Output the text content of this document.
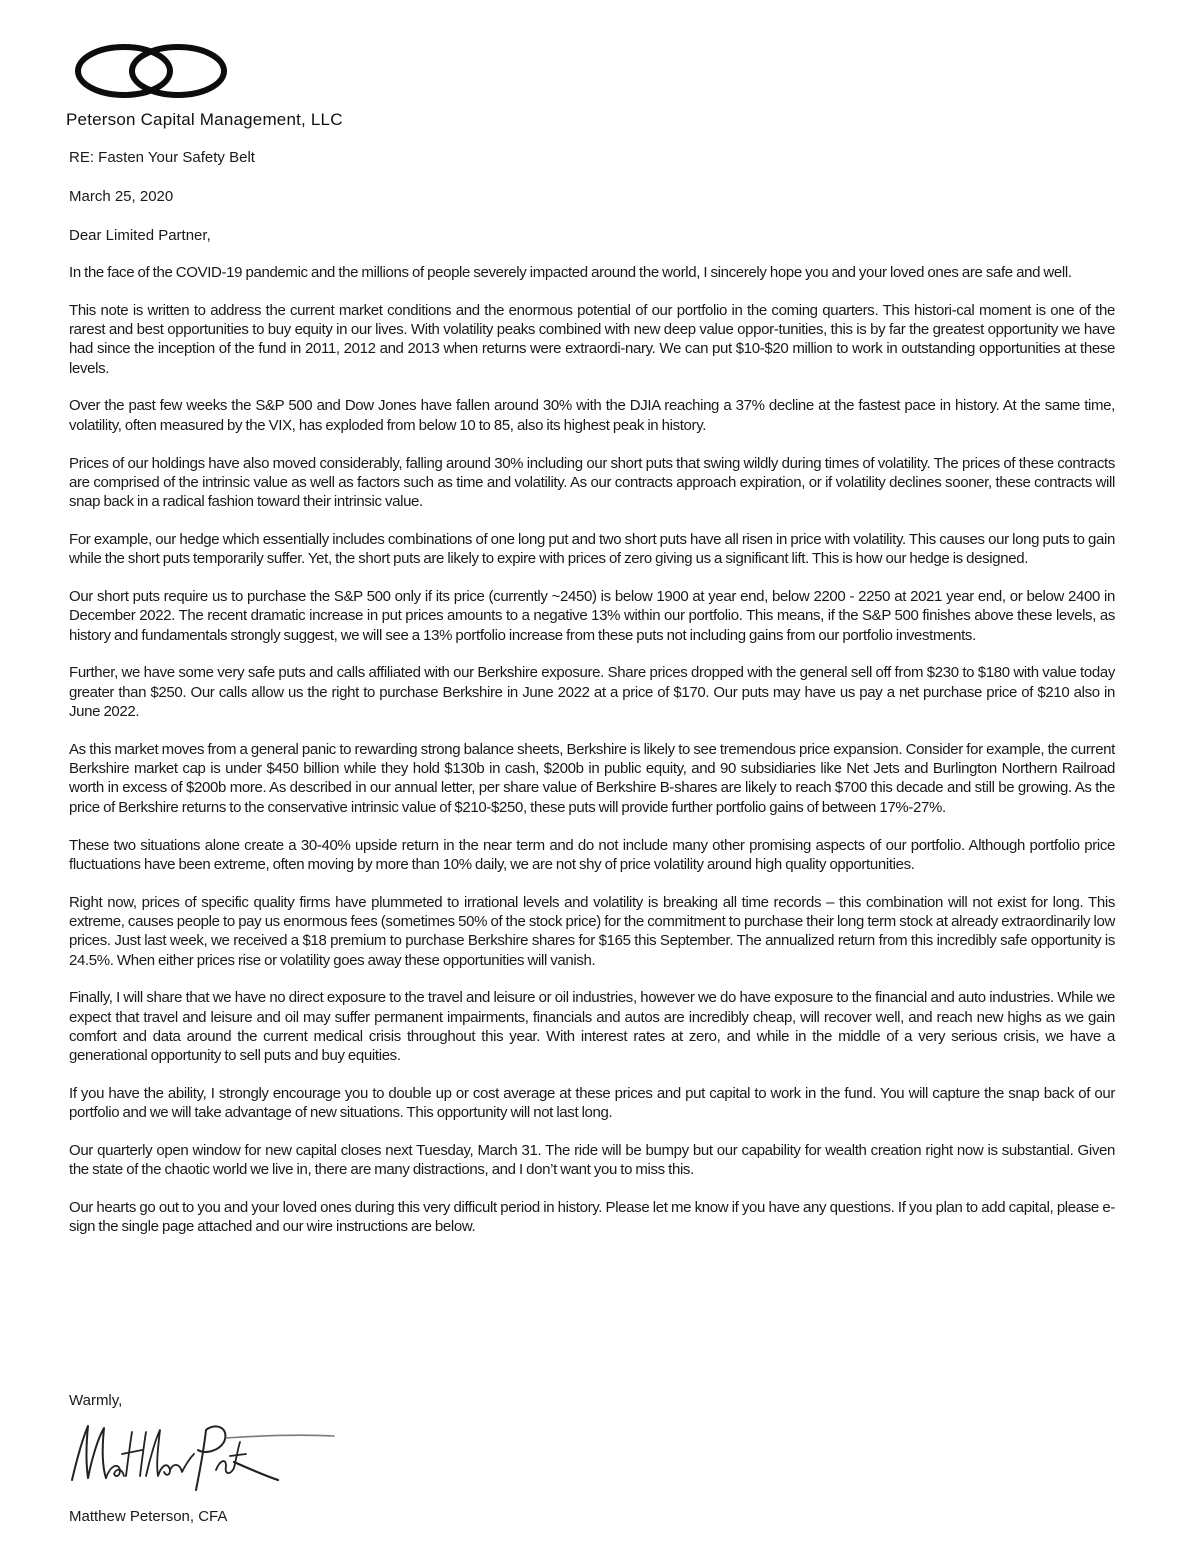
Peterson Capital Management, LLC
RE: Fasten Your Safety Belt
March 25, 2020
Dear Limited Partner,

In the face of the COVID-19 pandemic and the millions of people severely impacted around the world, I sincerely hope you and your loved ones are safe and well.

This note is written to address the current market conditions and the enormous potential of our portfolio in the coming quarters. This histori-cal moment is one of the rarest and best opportunities to buy equity in our lives. With volatility peaks combined with new deep value oppor-tunities, this is by far the greatest opportunity we have had since the inception of the fund in 2011, 2012 and 2013 when returns were extraordi-nary. We can put $10-$20 million to work in outstanding opportunities at these levels.

Over the past few weeks the S&P 500 and Dow Jones have fallen around 30% with the DJIA reaching a 37% decline at the fastest pace in history. At the same time, volatility, often measured by the VIX, has exploded from below 10 to 85, also its highest peak in history.

Prices of our holdings have also moved considerably, falling around 30% including our short puts that swing wildly during times of volatility. The prices of these contracts are comprised of the intrinsic value as well as factors such as time and volatility. As our contracts approach expiration, or if volatility declines sooner, these contracts will snap back in a radical fashion toward their intrinsic value.

For example, our hedge which essentially includes combinations of one long put and two short puts have all risen in price with volatility. This causes our long puts to gain while the short puts temporarily suffer. Yet, the short puts are likely to expire with prices of zero giving us a significant lift. This is how our hedge is designed.

Our short puts require us to purchase the S&P 500 only if its price (currently ~2450) is below 1900 at year end, below 2200 - 2250 at 2021 year end, or below 2400 in December 2022. The recent dramatic increase in put prices amounts to a negative 13% within our portfolio. This means, if the S&P 500 finishes above these levels, as history and fundamentals strongly suggest, we will see a 13% portfolio increase from these puts not including gains from our portfolio investments.

Further, we have some very safe puts and calls affiliated with our Berkshire exposure. Share prices dropped with the general sell off from $230 to $180 with value today greater than $250. Our calls allow us the right to purchase Berkshire in June 2022 at a price of $170. Our puts may have us pay a net purchase price of $210 also in June 2022.

As this market moves from a general panic to rewarding strong balance sheets, Berkshire is likely to see tremendous price expansion. Consider for example, the current Berkshire market cap is under $450 billion while they hold $130b in cash, $200b in public equity, and 90 subsidiaries like Net Jets and Burlington Northern Railroad worth in excess of $200b more. As described in our annual letter, per share value of Berkshire B-shares are likely to reach $700 this decade and still be growing. As the price of Berkshire returns to the conservative intrinsic value of $210-$250, these puts will provide further portfolio gains of between 17%-27%.

These two situations alone create a 30-40% upside return in the near term and do not include many other promising aspects of our portfolio. Although portfolio price fluctuations have been extreme, often moving by more than 10% daily, we are not shy of price volatility around high quality opportunities.

Right now, prices of specific quality firms have plummeted to irrational levels and volatility is breaking all time records – this combination will not exist for long. This extreme, causes people to pay us enormous fees (sometimes 50% of the stock price) for the commitment to purchase their long term stock at already extraordinarily low prices. Just last week, we received a $18 premium to purchase Berkshire shares for $165 this September. The annualized return from this incredibly safe opportunity is 24.5%. When either prices rise or volatility goes away these opportunities will vanish.

Finally, I will share that we have no direct exposure to the travel and leisure or oil industries, however we do have exposure to the financial and auto industries. While we expect that travel and leisure and oil may suffer permanent impairments, financials and autos are incredibly cheap, will recover well, and reach new highs as we gain comfort and data around the current medical crisis throughout this year. With interest rates at zero, and while in the middle of a very serious crisis, we have a generational opportunity to sell puts and buy equities.

If you have the ability, I strongly encourage you to double up or cost average at these prices and put capital to work in the fund. You will capture the snap back of our portfolio and we will take advantage of new situations. This opportunity will not last long.

Our quarterly open window for new capital closes next Tuesday, March 31. The ride will be bumpy but our capability for wealth creation right now is substantial. Given the state of the chaotic world we live in, there are many distractions, and I don’t want you to miss this.

Our hearts go out to you and your loved ones during this very difficult period in history. Please let me know if you have any questions. If you plan to add capital, please e-sign the single page attached and our wire instructions are below.

Warmly,
Matthew Peterson, CFA
